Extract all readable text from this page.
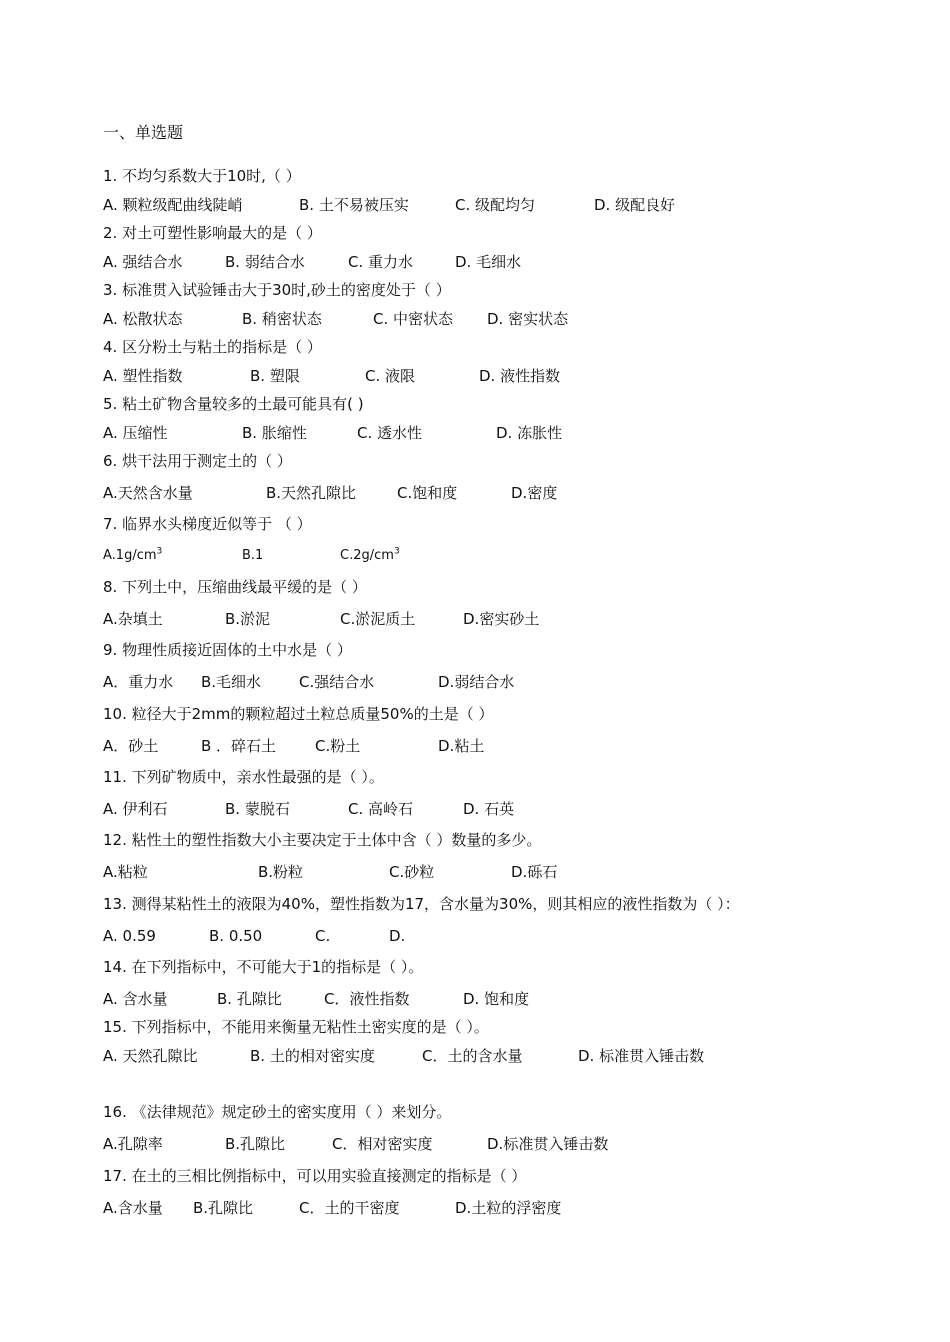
一、单选题
1. 不均匀系数大于10时,（ ）
A. 颗粒级配曲线陡峭	B. 土不易被压实	C. 级配均匀	D. 级配良好
2. 对土可塑性影响最大的是（ ）
A. 强结合水	B. 弱结合水	C. 重力水	D. 毛细水
3. 标准贯入试验锤击大于30时,砂土的密度处于（ ）
A. 松散状态	B. 稍密状态	C. 中密状态 D. 密实状态
4. 区分粉土与粘土的指标是（ ）
A. 塑性指数	B. 塑限	C. 液限	D. 液性指数
5. 粘土矿物含量较多的土最可能具有( )
A. 压缩性	B. 胀缩性	C. 透水性	D. 冻胀性
6. 烘干法用于测定土的（ ）
A.天然含水量	B.天然孔隙比	C.饱和度	D.密度
7. 临界水头梯度近似等于 （ ）
$A.1g/cm^3$	B.1	$C.2g/cm^3$
8. 下列土中，压缩曲线最平缓的是（ ）
A.杂填土	B.淤泥	C.淤泥质土	D.密实砂土
9. 物理性质接近固体的土中水是（ ）
A．重力水 B.毛细水	C.强结合水	D.弱结合水
10. 粒径大于2mm的颗粒超过土粒总质量50%的土是（ ）
A．砂土	B ．碎石土	C.粉土	D.粘土
11. 下列矿物质中，亲水性最强的是（ ）。
A. 伊利石	B. 蒙脱石	C. 高岭石	D. 石英
12. 粘性土的塑性指数大小主要决定于土体中含（ ）数量的多少。
A.粘粒	B.粉粒	C.砂粒	D.砾石
13. 测得某粘性土的液限为40%，塑性指数为17，含水量为30%，则其相应的液性指数为（ ）：
A. 0.59	B. 0.50	C.	D.
14. 在下列指标中，不可能大于1的指标是（ ）。
A. 含水量	B. 孔隙比	C．液性指数	D. 饱和度
15. 下列指标中，不能用来衡量无粘性土密实度的是（ ）。
A. 天然孔隙比	B. 土的相对密实度	C．土的含水量	D. 标准贯入锤击数
16. 《法律规范》规定砂土的密实度用（ ）来划分。
A.孔隙率	B.孔隙比	C．相对密实度	D.标准贯入锤击数
17. 在土的三相比例指标中，可以用实验直接测定的指标是（ ）
A.含水量 B.孔隙比	C．土的干密度	D.土粒的浮密度
